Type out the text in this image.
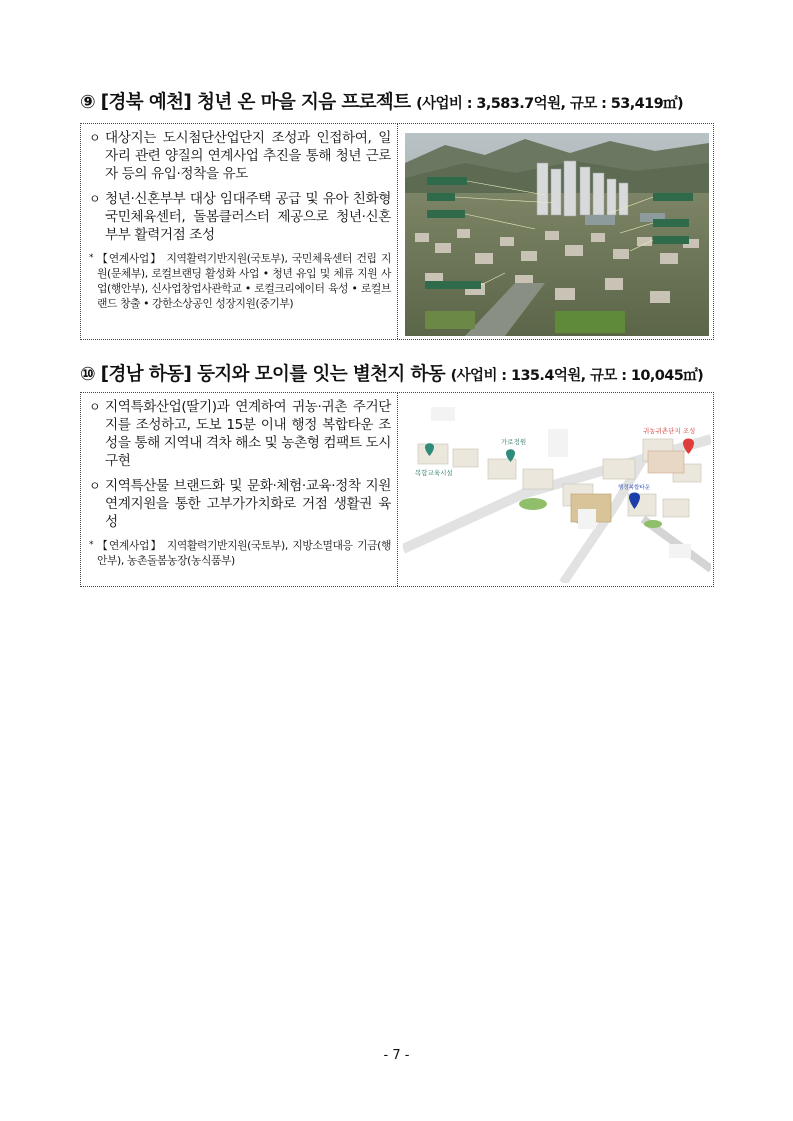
⑨ [경북 예천] 청년 온 마을 지음 프로젝트 (사업비 : 3,583.7억원, 규모 : 53,419㎡)
ㅇ 대상지는 도시첨단산업단지 조성과 인접하여, 일자리 관련 양질의 연계사업 추진을 통해 청년 근로자 등의 유입·정착을 유도
ㅇ 청년·신혼부부 대상 임대주택 공급 및 유아 친화형 국민체육센터, 돌봄클러스터 제공으로 청년·신혼부부 활력거점 조성
* 【연계사업】 지역활력기반지원(국토부), 국민체육센터 건립 지원(문체부), 로컬브랜딩 활성화 사업 • 청년 유입 및 체류 지원 사업(행안부), 신사업창업사관학교 • 로컬크리에이터 육성 • 로컬브랜드 창출 • 강한소상공인 성장지원(중기부)
⑩ [경남 하동] 둥지와 모이를 잇는 별천지 하동 (사업비 : 135.4억원, 규모 : 10,045㎡)
ㅇ 지역특화산업(딸기)과 연계하여 귀농·귀촌 주거단지를 조성하고, 도보 15분 이내 행정 복합타운 조성을 통해 지역내 격차 해소 및 농촌형 컴팩트 도시 구현
ㅇ 지역특산물 브랜드화 및 문화·체험·교육·정착 지원 연계지원을 통한 고부가가치화로 거점 생활권 육성
* 【연계사업】 지역활력기반지원(국토부), 지방소멸대응 기금(행안부), 농촌돌봄농장(농식품부)
가로정원
귀농귀촌단지 조성
행정복합타운
복합교육시설
- 7 -
